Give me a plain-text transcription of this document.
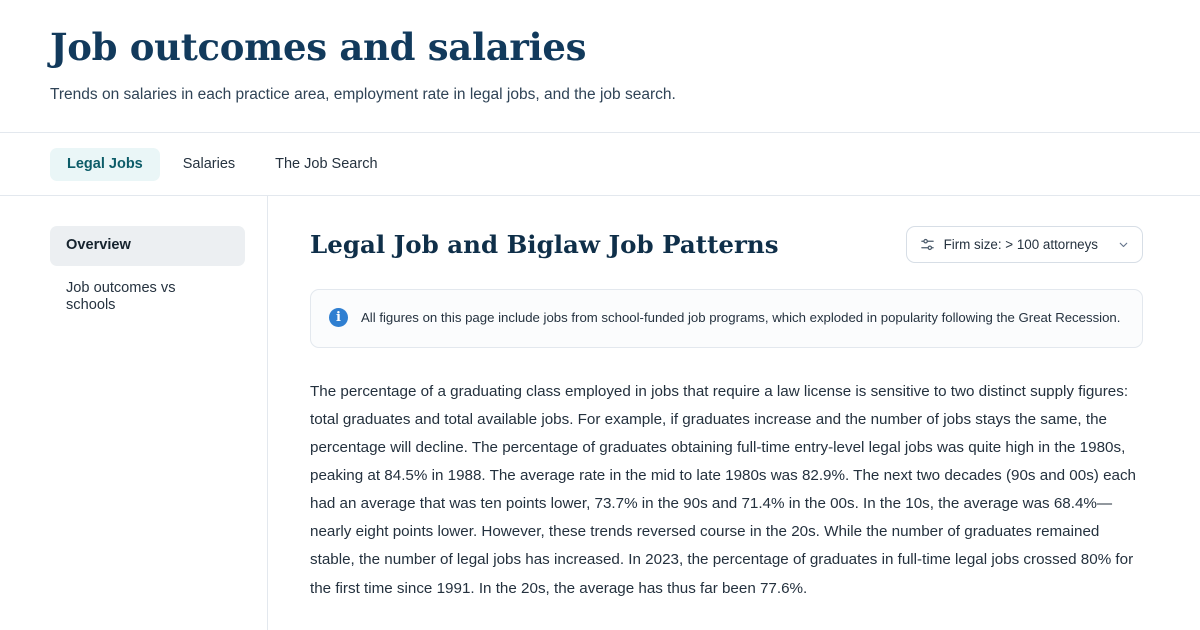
Job outcomes and salaries

Trends on salaries in each practice area, employment rate in legal jobs, and the job search.

Legal Jobs	Salaries	The Job Search
Overview
Job outcomes vs schools
Legal Job and Biglaw Job Patterns	Firm size: > 100 attorneys
i	All figures on this page include jobs from school-funded job programs, which exploded in popularity following the Great Recession.

The percentage of a graduating class employed in jobs that require a law license is sensitive to two distinct supply figures: total graduates and total available jobs. For example, if graduates increase and the number of jobs stays the same, the percentage will decline. The percentage of graduates obtaining full-time entry-level legal jobs was quite high in the 1980s, peaking at 84.5% in 1988. The average rate in the mid to late 1980s was 82.9%. The next two decades (90s and 00s) each had an average that was ten points lower, 73.7% in the 90s and 71.4% in the 00s. In the 10s, the average was 68.4%—nearly eight points lower. However, these trends reversed course in the 20s. While the number of graduates remained stable, the number of legal jobs has increased. In 2023, the percentage of graduates in full-time legal jobs crossed 80% for the first time since 1991. In the 20s, the average has thus far been 77.6%.
